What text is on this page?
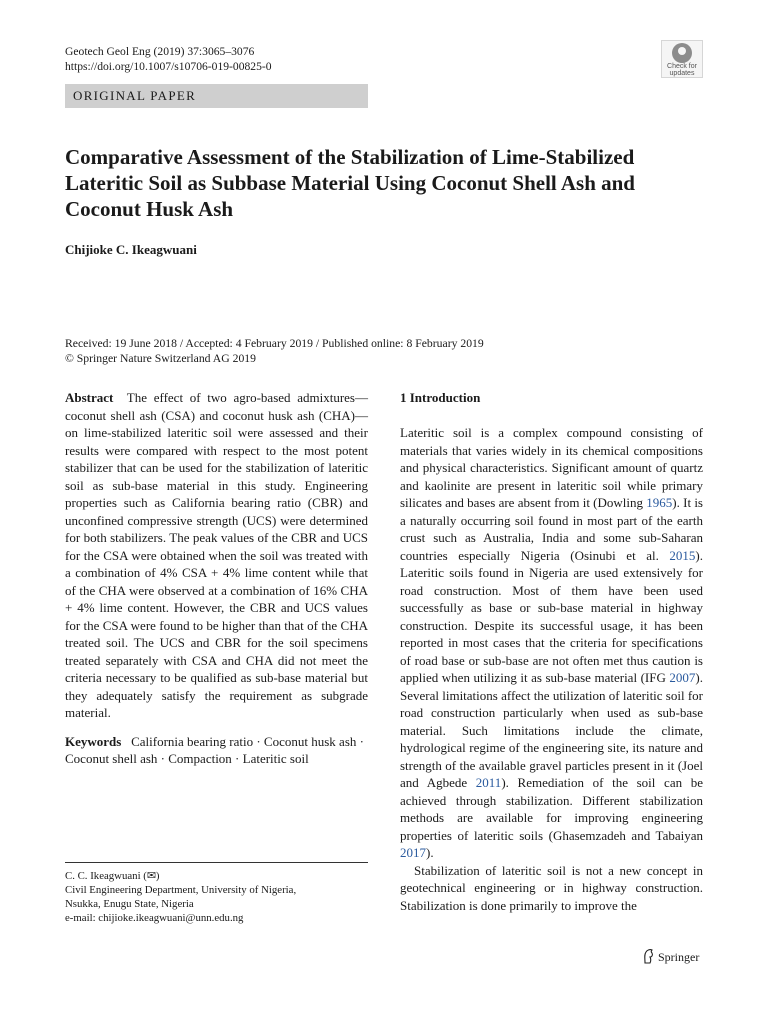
Geotech Geol Eng (2019) 37:3065–3076
https://doi.org/10.1007/s10706-019-00825-0	Check for updates
ORIGINAL PAPER
Comparative Assessment of the Stabilization of Lime-Stabilized Lateritic Soil as Subbase Material Using Coconut Shell Ash and Coconut Husk Ash
Chijioke C. Ikeagwuani
Received: 19 June 2018 / Accepted: 4 February 2019 / Published online: 8 February 2019
© Springer Nature Switzerland AG 2019

Abstract The effect of two agro-based admixtures—coconut shell ash (CSA) and coconut husk ash (CHA)—on lime-stabilized lateritic soil were assessed and their results were compared with respect to the most potent stabilizer that can be used for the stabilization of lateritic soil as sub-base material in this study. Engineering properties such as California bearing ratio (CBR) and unconfined compressive strength (UCS) were determined for both stabilizers. The peak values of the CBR and UCS for the CSA were obtained when the soil was treated with a combination of 4% CSA + 4% lime content while that of the CHA were observed at a combination of 16% CHA + 4% lime content. However, the CBR and UCS values for the CSA were found to be higher than that of the CHA treated soil. The UCS and CBR for the soil specimens treated separately with CSA and CHA did not meet the criteria necessary to be qualified as sub-base material but they adequately satisfy the requirement as subgrade material.

Keywords California bearing ratio · Coconut husk ash · Coconut shell ash · Compaction · Lateritic soil

1 Introduction

Lateritic soil is a complex compound consisting of materials that varies widely in its chemical compositions and physical characteristics. Significant amount of quartz and kaolinite are present in lateritic soil while primary silicates and bases are absent from it (Dowling 1965). It is a naturally occurring soil found in most part of the earth crust such as Australia, India and some sub-Saharan countries especially Nigeria (Osinubi et al. 2015). Lateritic soils found in Nigeria are used extensively for road construction. Most of them have been used successfully as base or sub-base material in highway construction. Despite its successful usage, it has been reported in most cases that the criteria for specifications of road base or sub-base are not often met thus caution is applied when utilizing it as sub-base material (IFG 2007). Several limitations affect the utilization of lateritic soil for road construction particularly when used as sub-base material. Such limitations include the climate, hydrological regime of the engineering site, its nature and strength of the available gravel particles present in it (Joel and Agbede 2011). Remediation of the soil can be achieved through stabilization. Different stabilization methods are available for improving engineering properties of lateritic soils (Ghasemzadeh and Tabaiyan 2017).

Stabilization of lateritic soil is not a new concept in geotechnical engineering or in highway construction. Stabilization is done primarily to improve the

C. C. Ikeagwuani (✉)
Civil Engineering Department, University of Nigeria,
Nsukka, Enugu State, Nigeria
e-mail: chijioke.ikeagwuani@unn.edu.ng
Springer
